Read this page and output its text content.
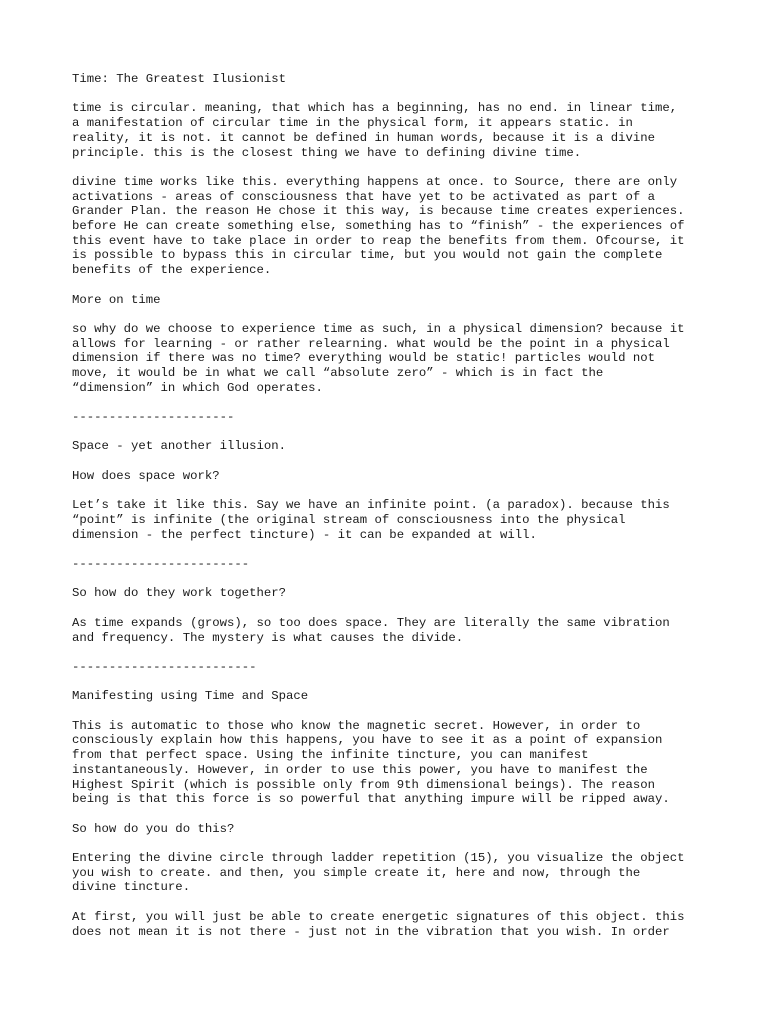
Time: The Greatest Ilusionist

time is circular. meaning, that which has a beginning, has no end. in linear time,
a manifestation of circular time in the physical form, it appears static. in
reality, it is not. it cannot be defined in human words, because it is a divine
principle. this is the closest thing we have to defining divine time.

divine time works like this. everything happens at once. to Source, there are only
activations - areas of consciousness that have yet to be activated as part of a
Grander Plan. the reason He chose it this way, is because time creates experiences.
before He can create something else, something has to “finish” - the experiences of
this event have to take place in order to reap the benefits from them. Ofcourse, it
is possible to bypass this in circular time, but you would not gain the complete
benefits of the experience.

More on time

so why do we choose to experience time as such, in a physical dimension? because it
allows for learning - or rather relearning. what would be the point in a physical
dimension if there was no time? everything would be static! particles would not
move, it would be in what we call “absolute zero” - which is in fact the
“dimension” in which God operates.

----------------------

Space - yet another illusion.

How does space work?

Let’s take it like this. Say we have an infinite point. (a paradox). because this
“point” is infinite (the original stream of consciousness into the physical
dimension - the perfect tincture) - it can be expanded at will.

------------------------

So how do they work together?

As time expands (grows), so too does space. They are literally the same vibration
and frequency. The mystery is what causes the divide.

-------------------------

Manifesting using Time and Space

This is automatic to those who know the magnetic secret. However, in order to
consciously explain how this happens, you have to see it as a point of expansion
from that perfect space. Using the infinite tincture, you can manifest
instantaneously. However, in order to use this power, you have to manifest the
Highest Spirit (which is possible only from 9th dimensional beings). The reason
being is that this force is so powerful that anything impure will be ripped away.

So how do you do this?

Entering the divine circle through ladder repetition (15), you visualize the object
you wish to create. and then, you simple create it, here and now, through the
divine tincture.

At first, you will just be able to create energetic signatures of this object. this
does not mean it is not there - just not in the vibration that you wish. In order
